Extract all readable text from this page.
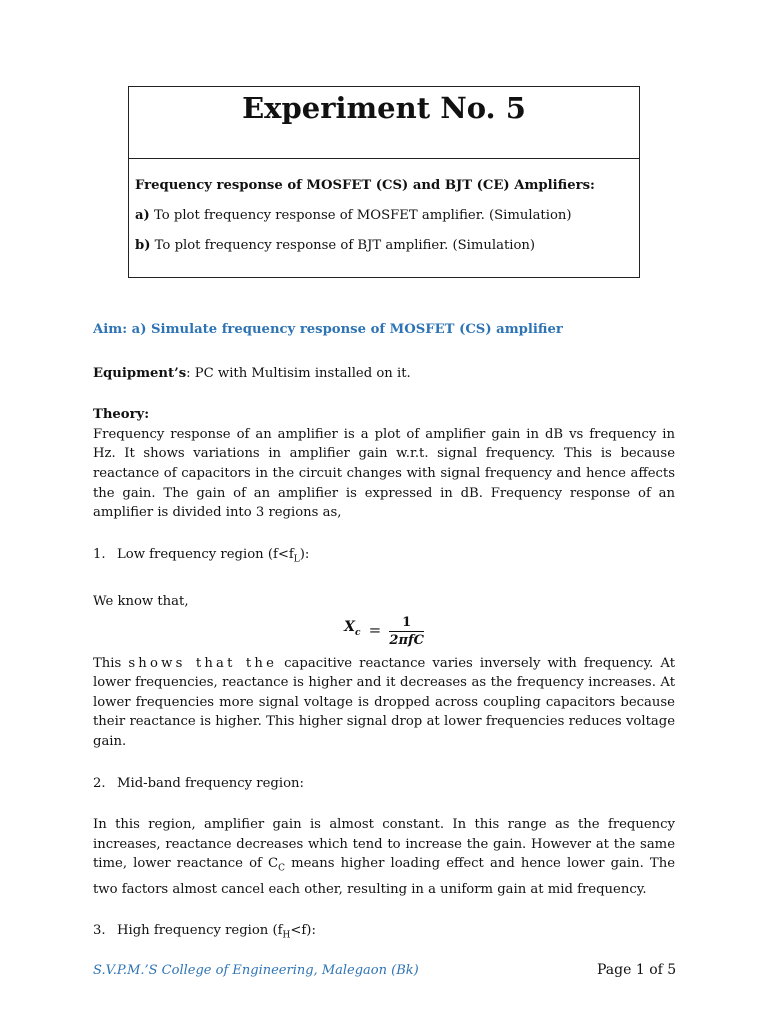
Experiment No. 5

Frequency response of MOSFET (CS) and BJT (CE) Amplifiers:

a) To plot frequency response of MOSFET amplifier. (Simulation)

b) To plot frequency response of BJT amplifier. (Simulation)

Aim: a) Simulate frequency response of MOSFET (CS) amplifier

Equipment’s: PC with Multisim installed on it.

Theory:

Frequency response of an amplifier is a plot of amplifier gain in dB vs frequency in Hz. It shows variations in amplifier gain w.r.t. signal frequency. This is because reactance of capacitors in the circuit changes with signal frequency and hence affects the gain. The gain of an amplifier is expressed in dB. Frequency response of an amplifier is divided into 3 regions as,

1. Low frequency region $(f<f_L)$:

We know that,

$X_c = \frac{1}{\text{2πfC}}$

This shows that the capacitive reactance varies inversely with frequency. At lower frequencies, reactance is higher and it decreases as the frequency increases. At lower frequencies more signal voltage is dropped across coupling capacitors because their reactance is higher. This higher signal drop at lower frequencies reduces voltage gain.

2. Mid-band frequency region:

In this region, amplifier gain is almost constant. In this range as the frequency increases, reactance decreases which tend to increase the gain. However at the same time, lower reactance of $C_C$ means higher loading effect and hence lower gain. The two factors almost cancel each other, resulting in a uniform gain at mid frequency.

3. High frequency region $(f_H<f)$:

S.V.P.M.’S College of Engineering, Malegaon (Bk)	Page 1 of 5
